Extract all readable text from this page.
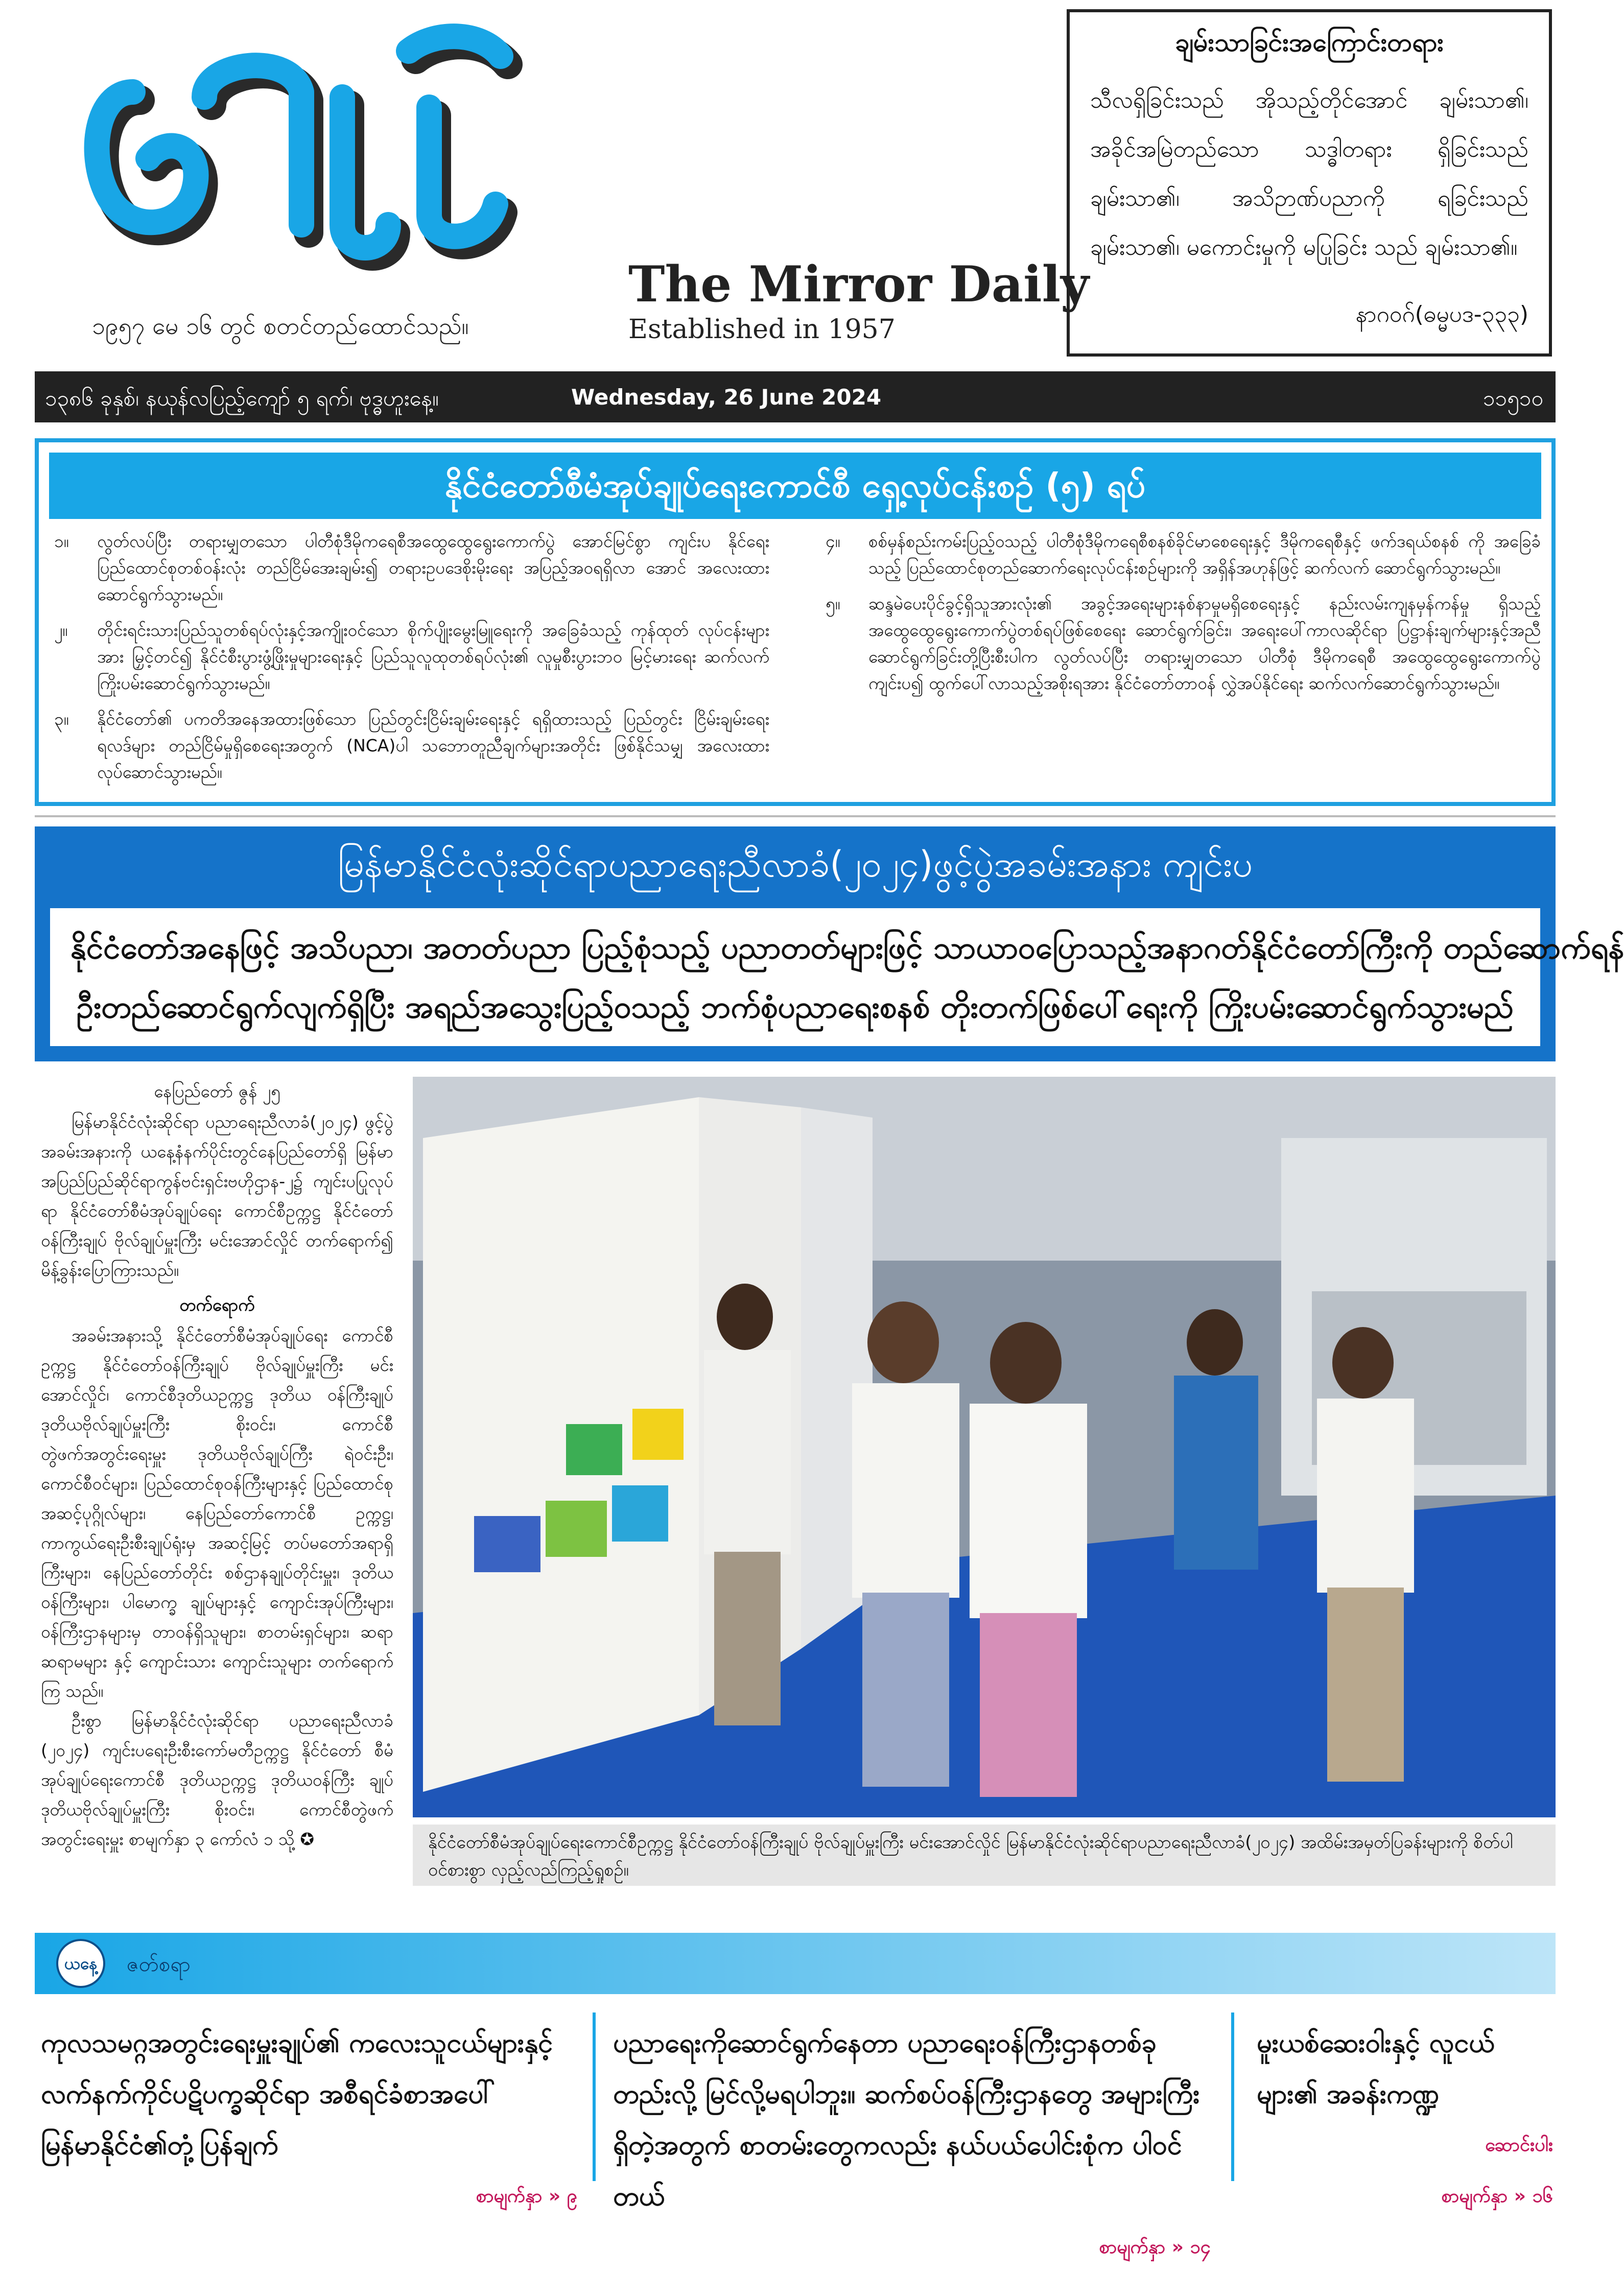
The Mirror Daily
Established in 1957
၁၉၅၇ မေ ၁၆ တွင် စတင်တည်ထောင်သည်။
ချမ်းသာခြင်းအကြောင်းတရား
သီလရှိခြင်းသည် အိုသည့်တိုင်အောင် ချမ်းသာ၏၊ အခိုင်အမြဲတည်သော သဒ္ဓါတရား ရှိခြင်းသည် ချမ်းသာ၏၊ အသိဉာဏ်ပညာကို ရခြင်းသည် ချမ်းသာ၏၊ မကောင်းမှုကို မပြုခြင်း သည် ချမ်းသာ၏။
နာဂဝဂ်(ဓမ္မပဒ-၃၃၃)
၁၃၈၆ ခုနှစ်၊ နယုန်လပြည့်ကျော် ၅ ရက်၊ ဗုဒ္ဓဟူးနေ့။	Wednesday, 26 June 2024	၁၁၅၁၀
နိုင်ငံတော်စီမံအုပ်ချုပ်ရေးကောင်စီ ရှေ့လုပ်ငန်းစဉ် (၅) ရပ်
၁။	လွတ်လပ်ပြီး တရားမျှတသော ပါတီစုံဒီမိုကရေစီအထွေထွေရွေးကောက်ပွဲ အောင်မြင်စွာ ကျင်းပ နိုင်ရေး ပြည်ထောင်စုတစ်ဝန်းလုံး တည်ငြိမ်အေးချမ်း၍ တရားဥပဒေစိုးမိုးရေး အပြည့်အဝရရှိလာ အောင် အလေးထားဆောင်ရွက်သွားမည်။
၂။	တိုင်းရင်းသားပြည်သူတစ်ရပ်လုံးနှင့်အကျိုးဝင်သော စိုက်ပျိုးမွေးမြူရေးကို အခြေခံသည့် ကုန်ထုတ် လုပ်ငန်းများအား မြှင့်တင်၍ နိုင်ငံစီးပွားဖွံ့ဖြိုးမှုများရေးနှင့် ပြည်သူလူထုတစ်ရပ်လုံး၏ လူမှုစီးပွားဘဝ မြင့်မားရေး ဆက်လက်ကြိုးပမ်းဆောင်ရွက်သွားမည်။
၃။	နိုင်ငံတော်၏ ပကတိအနေအထားဖြစ်သော ပြည်တွင်းငြိမ်းချမ်းရေးနှင့် ရရှိထားသည့် ပြည်တွင်း ငြိမ်းချမ်းရေးရလဒ်များ တည်ငြိမ်မှုရှိစေရေးအတွက် (NCA)ပါ သဘောတူညီချက်များအတိုင်း ဖြစ်နိုင်သမျှ အလေးထား လုပ်ဆောင်သွားမည်။
၄။	စစ်မှန်စည်းကမ်းပြည့်ဝသည့် ပါတီစုံဒီမိုကရေစီစနစ်ခိုင်မာစေရေးနှင့် ဒီမိုကရေစီနှင့် ဖက်ဒရယ်စနစ် ကို အခြေခံသည့် ပြည်ထောင်စုတည်ဆောက်ရေးလုပ်ငန်းစဉ်များကို အရှိန်အဟုန်ဖြင့် ဆက်လက် ဆောင်ရွက်သွားမည်။
၅။	ဆန္ဒမဲပေးပိုင်ခွင့်ရှိသူအားလုံး၏ အခွင့်အရေးများနစ်နာမှုမရှိစေရေးနှင့် နည်းလမ်းကျနမှန်ကန်မှု ရှိသည့် အထွေထွေရွေးကောက်ပွဲတစ်ရပ်ဖြစ်စေရေး ဆောင်ရွက်ခြင်း၊ အရေးပေါ်ကာလဆိုင်ရာ ပြဋ္ဌာန်းချက်များနှင့်အညီ ဆောင်ရွက်ခြင်းတို့ပြီးစီးပါက လွတ်လပ်ပြီး တရားမျှတသော ပါတီစုံ ဒီမိုကရေစီ အထွေထွေရွေးကောက်ပွဲကျင်းပ၍ ထွက်ပေါ်လာသည့်အစိုးရအား နိုင်ငံတော်တာဝန် လွှဲအပ်နိုင်ရေး ဆက်လက်ဆောင်ရွက်သွားမည်။
မြန်မာနိုင်ငံလုံးဆိုင်ရာပညာရေးညီလာခံ(၂၀၂၄)ဖွင့်ပွဲအခမ်းအနား ကျင်းပ
နိုင်ငံတော်အနေဖြင့် အသိပညာ၊ အတတ်ပညာ ပြည့်စုံသည့် ပညာတတ်များဖြင့် သာယာဝပြောသည့်အနာဂတ်နိုင်ငံတော်ကြီးကို တည်ဆောက်ရန်
ဦးတည်ဆောင်ရွက်လျက်ရှိပြီး အရည်အသွေးပြည့်ဝသည့် ဘက်စုံပညာရေးစနစ် တိုးတက်ဖြစ်ပေါ်ရေးကို ကြိုးပမ်းဆောင်ရွက်သွားမည်
နေပြည်တော် ဇွန် ၂၅
မြန်မာနိုင်ငံလုံးဆိုင်ရာ ပညာရေးညီလာခံ(၂၀၂၄) ဖွင့်ပွဲအခမ်းအနားကို ယနေ့နံနက်ပိုင်းတွင်နေပြည်တော်ရှိ မြန်မာအပြည်ပြည်ဆိုင်ရာကွန်ဗင်းရှင်းဗဟိုဌာန-၂၌ ကျင်းပပြုလုပ်ရာ နိုင်ငံတော်စီမံအုပ်ချုပ်ရေး ကောင်စီဥက္ကဋ္ဌ နိုင်ငံတော်ဝန်ကြီးချုပ် ဗိုလ်ချုပ်မှူးကြီး မင်းအောင်လှိုင် တက်ရောက်၍ မိန့်ခွန်းပြောကြားသည်။
တက်ရောက်
အခမ်းအနားသို့ နိုင်ငံတော်စီမံအုပ်ချုပ်ရေး ကောင်စီဥက္ကဋ္ဌ နိုင်ငံတော်ဝန်ကြီးချုပ် ဗိုလ်ချုပ်မှူးကြီး မင်းအောင်လှိုင်၊ ကောင်စီဒုတိယဥက္ကဋ္ဌ ဒုတိယ ဝန်ကြီးချုပ် ဒုတိယဗိုလ်ချုပ်မှူးကြီး စိုးဝင်း၊ ကောင်စီ တွဲဖက်အတွင်းရေးမှူး ဒုတိယဗိုလ်ချုပ်ကြီး ရဲဝင်းဦး၊ ကောင်စီဝင်များ၊ ပြည်ထောင်စုဝန်ကြီးများနှင့် ပြည်ထောင်စုအဆင့်ပုဂ္ဂိုလ်များ၊ နေပြည်တော်ကောင်စီ ဥက္ကဋ္ဌ၊ ကာကွယ်ရေးဦးစီးချုပ်ရုံးမှ အဆင့်မြင့် တပ်မတော်အရာရှိကြီးများ၊ နေပြည်တော်တိုင်း စစ်ဌာနချုပ်တိုင်းမှူး၊ ဒုတိယဝန်ကြီးများ၊ ပါမောက္ခ ချုပ်များနှင့် ကျောင်းအုပ်ကြီးများ၊ ဝန်ကြီးဌာနများမှ တာဝန်ရှိသူများ၊ စာတမ်းရှင်များ၊ ဆရာ ဆရာမများ နှင့် ကျောင်းသား ကျောင်းသူများ တက်ရောက်ကြ သည်။
ဦးစွာ မြန်မာနိုင်ငံလုံးဆိုင်ရာ ပညာရေးညီလာခံ (၂၀၂၄) ကျင်းပရေးဦးစီးကော်မတီဥက္ကဋ္ဌ နိုင်ငံတော် စီမံအုပ်ချုပ်ရေးကောင်စီ ဒုတိယဥက္ကဋ္ဌ ဒုတိယဝန်ကြီး ချုပ် ဒုတိယဗိုလ်ချုပ်မှူးကြီး စိုးဝင်း၊ ကောင်စီတွဲဖက် အတွင်းရေးမှူး စာမျက်နှာ ၃ ကော်လံ ၁ သို့ ✪	နိုင်ငံတော်စီမံအုပ်ချုပ်ရေးကောင်စီဥက္ကဋ္ဌ နိုင်ငံတော်ဝန်ကြီးချုပ် ဗိုလ်ချုပ်မှူးကြီး မင်းအောင်လှိုင် မြန်မာနိုင်ငံလုံးဆိုင်ရာပညာရေးညီလာခံ(၂၀၂၄) အထိမ်းအမှတ်ပြခန်းများကို စိတ်ပါဝင်စားစွာ လှည့်လည်ကြည့်ရှုစဉ်။
ယနေ့	ဇတ်စရာ
ကုလသမဂ္ဂအတွင်းရေးမှူးချုပ်၏ ကလေးသူငယ်များနှင့် လက်နက်ကိုင်ပဋိပက္ခဆိုင်ရာ အစီရင်ခံစာအပေါ် မြန်မာနိုင်ငံ၏တုံ့ပြန်ချက်
စာမျက်နှာ » ၉
ပညာရေးကိုဆောင်ရွက်နေတာ ပညာရေးဝန်ကြီးဌာနတစ်ခုတည်းလို့ မြင်လို့မရပါဘူး။ ဆက်စပ်ဝန်ကြီးဌာနတွေ အများကြီးရှိတဲ့အတွက် စာတမ်းတွေကလည်း နယ်ပယ်ပေါင်းစုံက ပါဝင်တယ်
စာမျက်နှာ » ၁၄
မူးယစ်ဆေးဝါးနှင့် လူငယ်များ၏ အခန်းကဏ္ဍ
ဆောင်းပါး
စာမျက်နှာ » ၁၆
